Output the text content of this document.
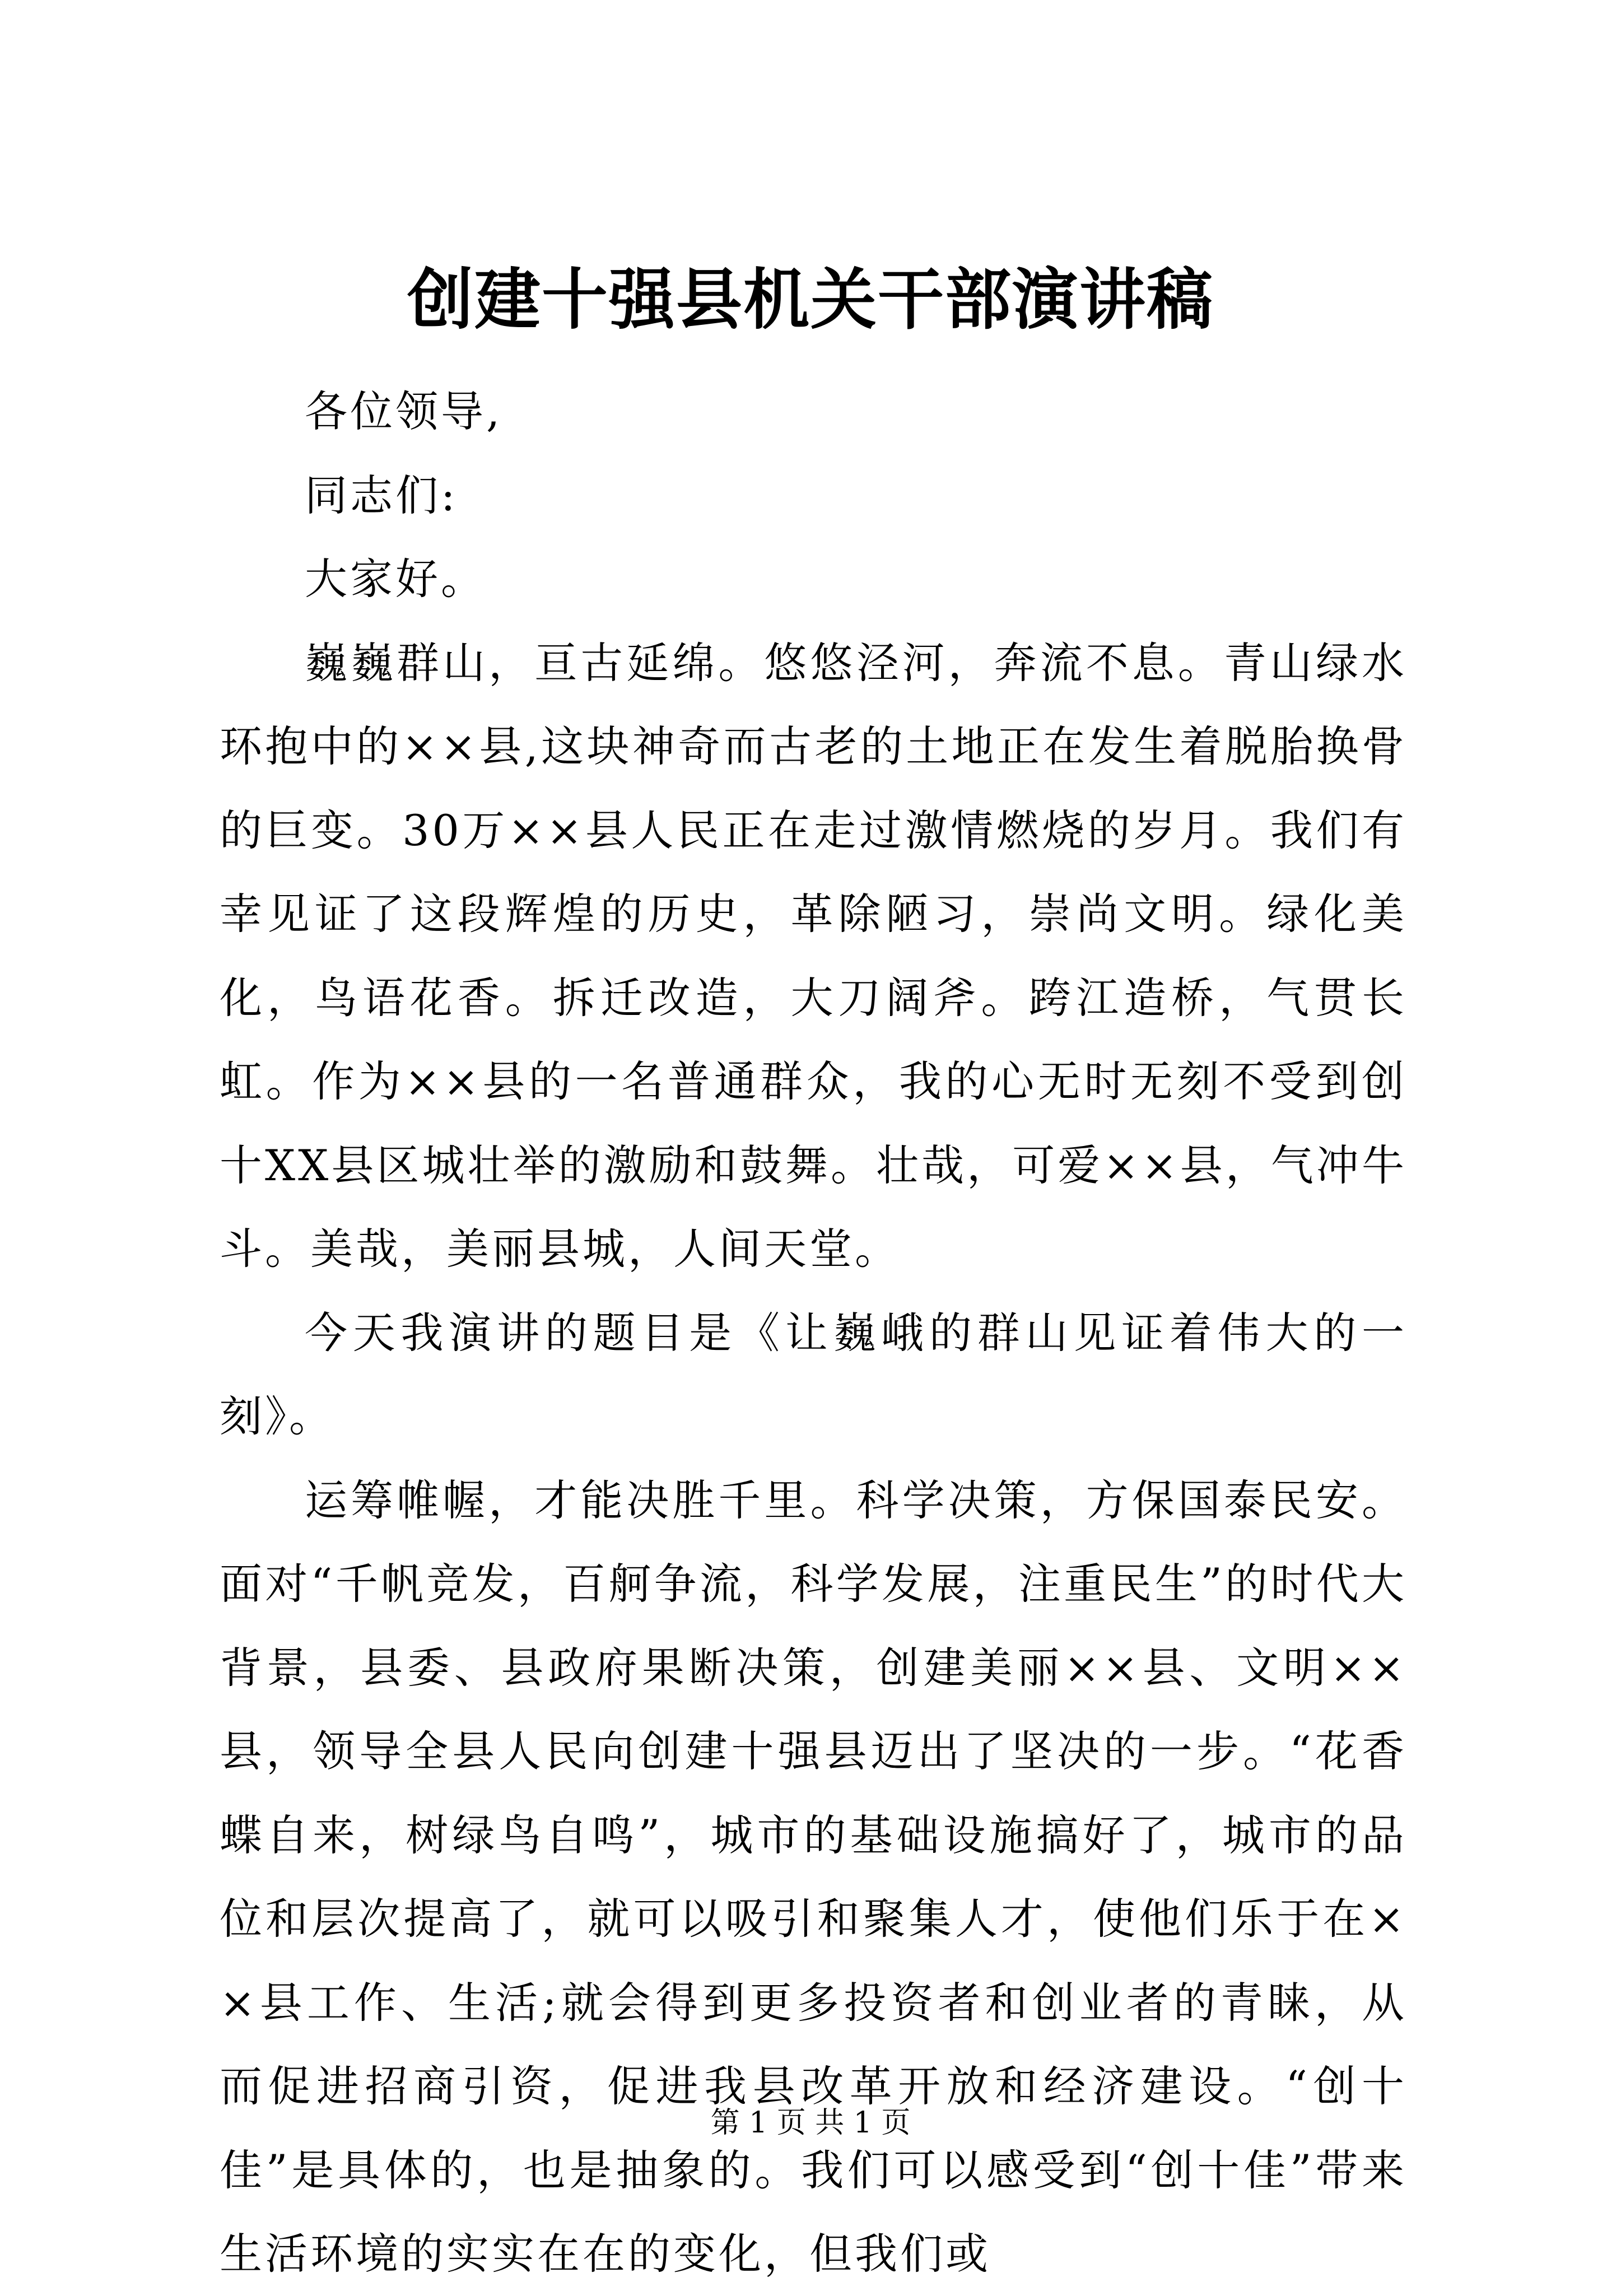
创建十强县机关干部演讲稿

各位领导,

同志们:

大家好。

巍巍群山，亘古延绵。悠悠泾河，奔流不息。青山绿水环抱中的××县,这块神奇而古老的土地正在发生着脱胎换骨的巨变。30万××县人民正在走过激情燃烧的岁月。我们有幸见证了这段辉煌的历史，革除陋习，崇尚文明。绿化美化，鸟语花香。拆迁改造，大刀阔斧。跨江造桥，气贯长虹。作为××县的一名普通群众，我的心无时无刻不受到创十XX县区城壮举的激励和鼓舞。壮哉，可爱××县，气冲牛斗。美哉，美丽县城，人间天堂。

今天我演讲的题目是《让巍峨的群山见证着伟大的一刻》。

运筹帷幄，才能决胜千里。科学决策，方保国泰民安。面对“千帆竞发，百舸争流，科学发展，注重民生”的时代大背景，县委、县政府果断决策，创建美丽××县、文明××县，领导全县人民向创建十强县迈出了坚决的一步。“花香蝶自来，树绿鸟自鸣”，城市的基础设施搞好了，城市的品位和层次提高了，就可以吸引和聚集人才，使他们乐于在××县工作、生活;就会得到更多投资者和创业者的青睐，从而促进招商引资，促进我县改革开放和经济建设。“创十佳”是具体的，也是抽象的。我们可以感受到“创十佳”带来生活环境的实实在在的变化，但我们或

第 1 页 共 1 页
